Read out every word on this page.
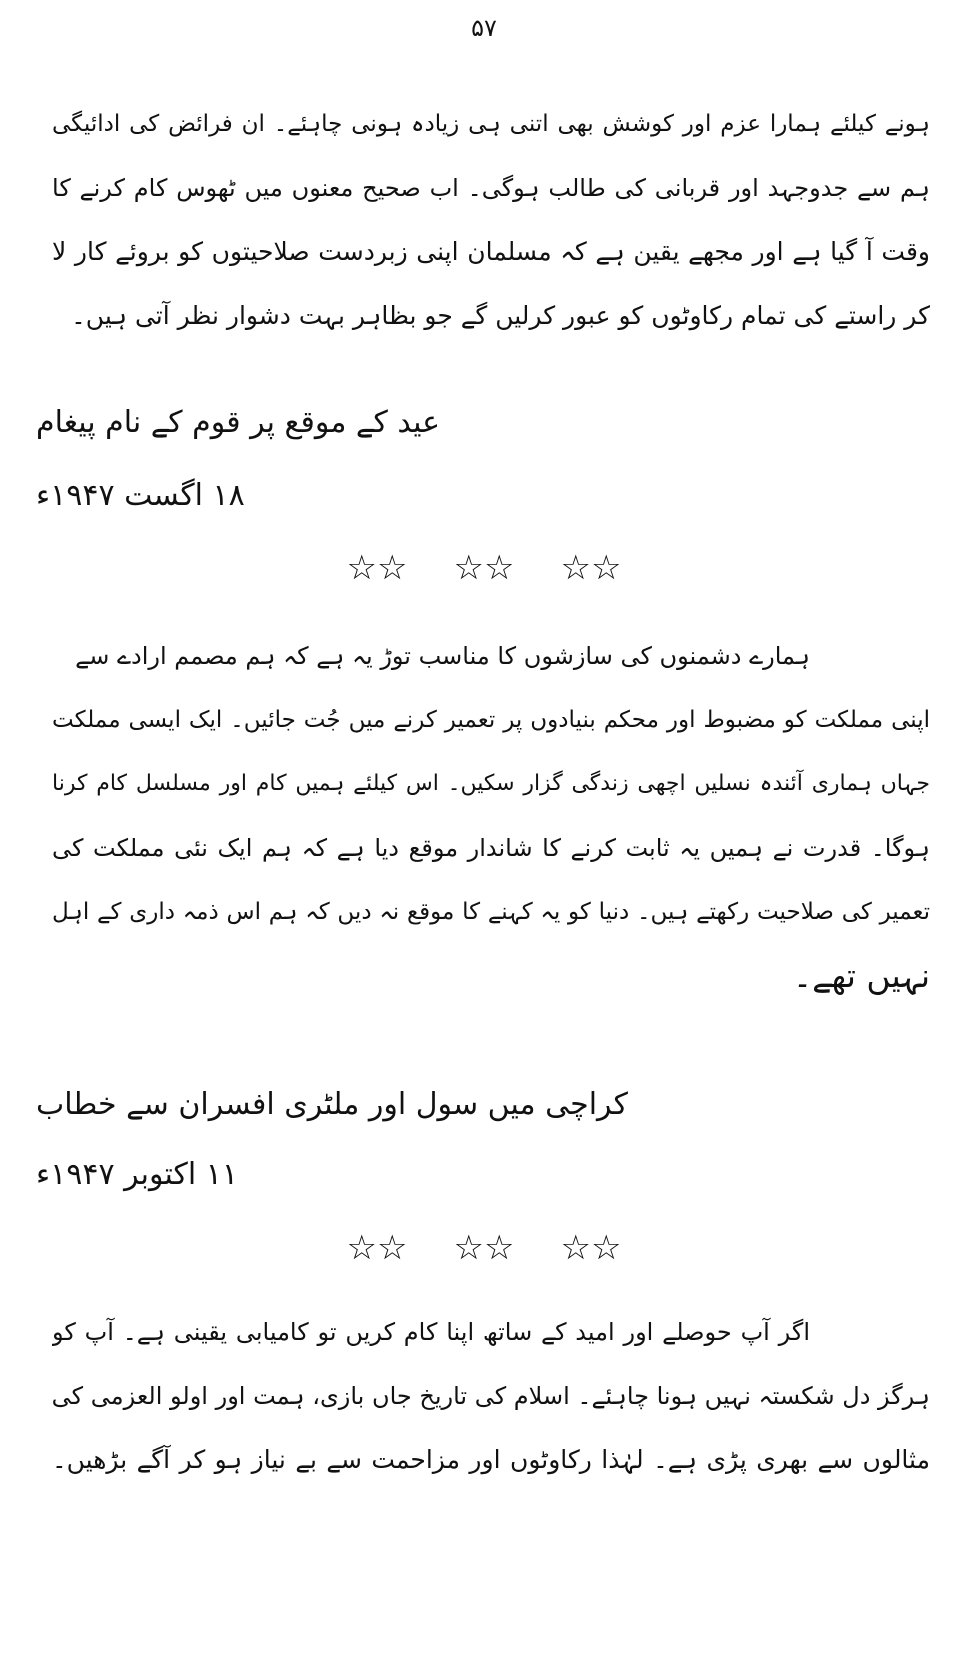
۵۷

ہونے کیلئے ہمارا عزم اور کوشش بھی اتنی ہی زیادہ ہونی چاہئے۔ ان فرائض کی ادائیگی

ہم سے جدوجہد اور قربانی کی طالب ہوگی۔ اب صحیح معنوں میں ٹھوس کام کرنے کا

وقت آ گیا ہے اور مجھے یقین ہے کہ مسلمان اپنی زبردست صلاحیتوں کو بروئے کار لا

کر راستے کی تمام رکاوٹوں کو عبور کرلیں گے جو بظاہر بہت دشوار نظر آتی ہیں۔

عید کے موقع پر قوم کے نام پیغام
۱۸ اگست ۱۹۴۷ء
☆☆ ☆☆ ☆☆

ہمارے دشمنوں کی سازشوں کا مناسب توڑ یہ ہے کہ ہم مصمم ارادے سے

اپنی مملکت کو مضبوط اور محکم بنیادوں پر تعمیر کرنے میں جُت جائیں۔ ایک ایسی مملکت

جہاں ہماری آئندہ نسلیں اچھی زندگی گزار سکیں۔ اس کیلئے ہمیں کام اور مسلسل کام کرنا

ہوگا۔ قدرت نے ہمیں یہ ثابت کرنے کا شاندار موقع دیا ہے کہ ہم ایک نئی مملکت کی

تعمیر کی صلاحیت رکھتے ہیں۔ دنیا کو یہ کہنے کا موقع نہ دیں کہ ہم اس ذمہ داری کے اہل

نہیں تھے۔

کراچی میں سول اور ملٹری افسران سے خطاب
۱۱ اکتوبر ۱۹۴۷ء
☆☆ ☆☆ ☆☆

اگر آپ حوصلے اور امید کے ساتھ اپنا کام کریں تو کامیابی یقینی ہے۔ آپ کو

ہرگز دل شکستہ نہیں ہونا چاہئے۔ اسلام کی تاریخ جاں بازی، ہمت اور اولو العزمی کی

مثالوں سے بھری پڑی ہے۔ لہٰذا رکاوٹوں اور مزاحمت سے بے نیاز ہو کر آگے بڑھیں۔
